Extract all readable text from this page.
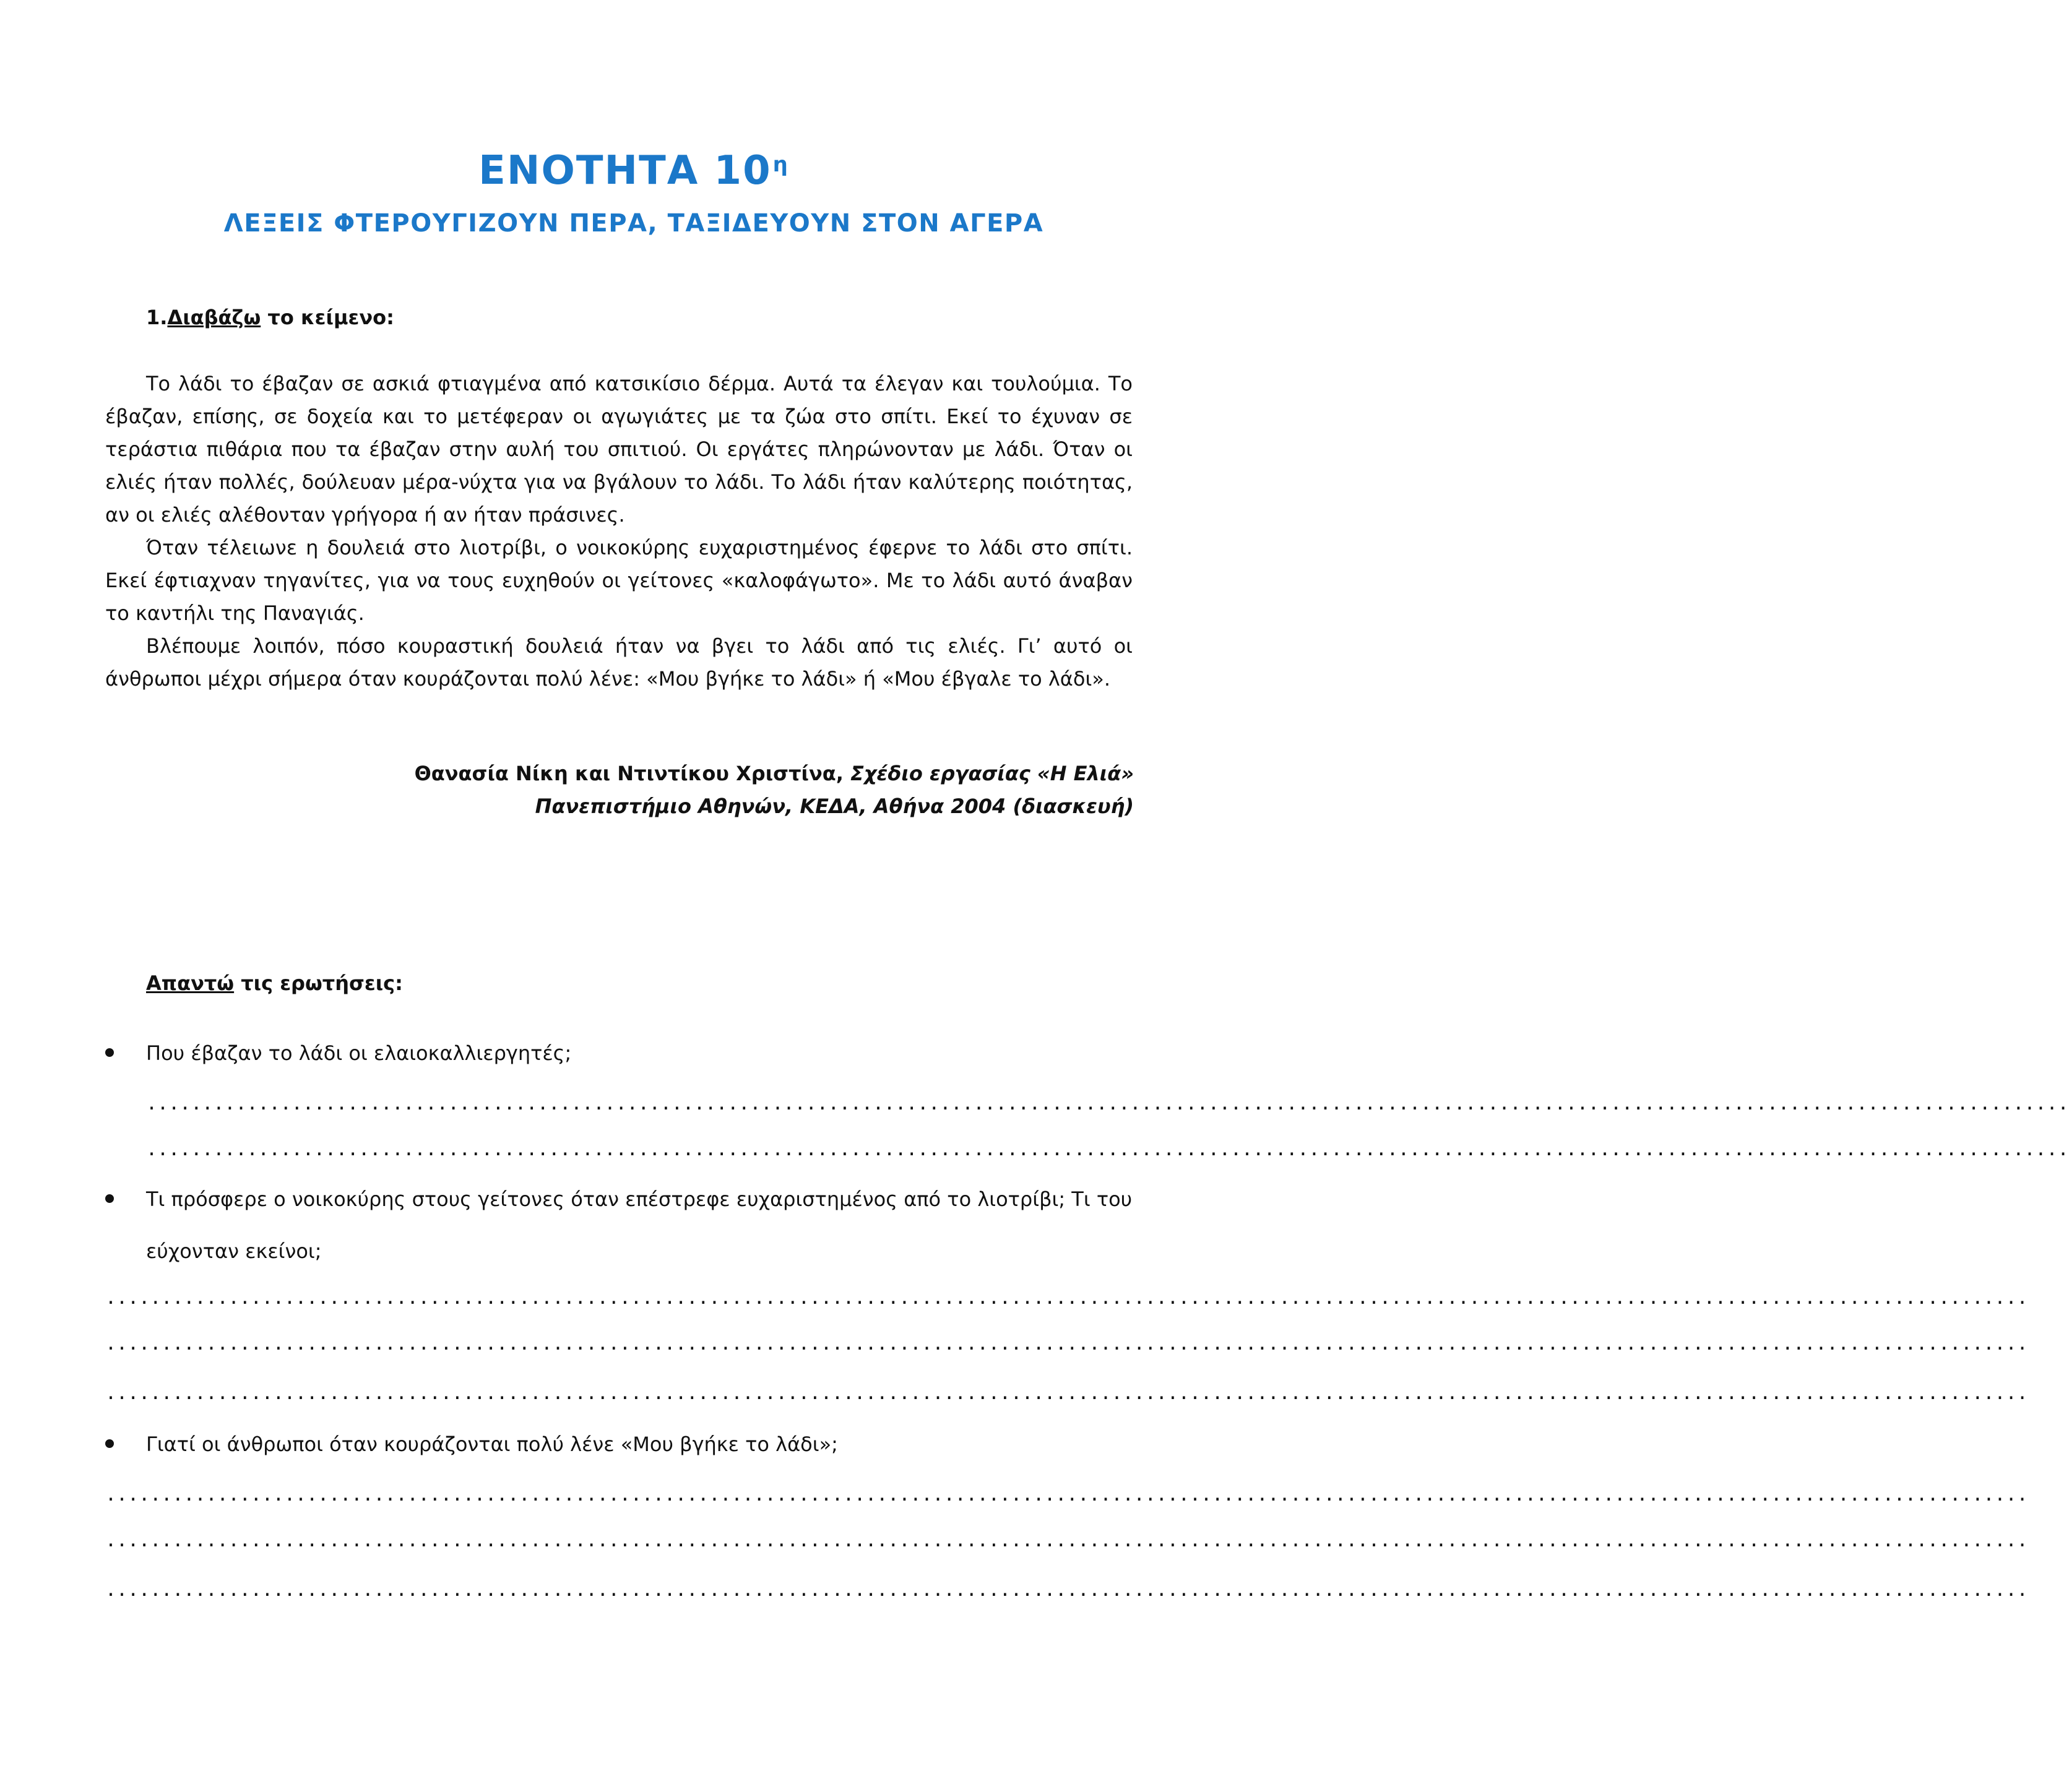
ΕΝΟΤΗΤΑ $10^\eta$
ΛΕΞΕΙΣ ΦΤΕΡΟΥΓΙΖΟΥΝ ΠΕΡΑ, ΤΑΞΙΔΕΥΟΥΝ ΣΤΟΝ ΑΓΕΡΑ
1.Διαβάζω το κείμενο:

Το λάδι το έβαζαν σε ασκιά φτιαγμένα από κατσικίσιο δέρμα. Αυτά τα έλεγαν και τουλούμια. Το έβαζαν, επίσης, σε δοχεία και το μετέφεραν οι αγωγιάτες με τα ζώα στο σπίτι. Εκεί το έχυναν σε τεράστια πιθάρια που τα έβαζαν στην αυλή του σπιτιού. Οι εργάτες πληρώνονταν με λάδι. Όταν οι ελιές ήταν πολλές, δούλευαν μέρα-νύχτα για να βγάλουν το λάδι. Το λάδι ήταν καλύτερης ποιότητας, αν οι ελιές αλέθονταν γρήγορα ή αν ήταν πράσινες.

Όταν τέλειωνε η δουλειά στο λιοτρίβι, ο νοικοκύρης ευχαριστημένος έφερνε το λάδι στο σπίτι. Εκεί έφτιαχναν τηγανίτες, για να τους ευχηθούν οι γείτονες «καλοφάγωτο». Με το λάδι αυτό άναβαν το καντήλι της Παναγιάς.

Βλέπουμε λοιπόν, πόσο κουραστική δουλειά ήταν να βγει το λάδι από τις ελιές. Γι’ αυτό οι άνθρωποι μέχρι σήμερα όταν κουράζονται πολύ λένε: «Μου βγήκε το λάδι» ή «Μου έβγαλε το λάδι».

Θανασία Νίκη και Ντιντίκου Χριστίνα, Σχέδιο εργασίας «Η Ελιά»
Πανεπιστήμιο Αθηνών, ΚΕΔΑ, Αθήνα 2004 (διασκευή)
Απαντώ τις ερωτήσεις:
Που έβαζαν το λάδι οι ελαιοκαλλιεργητές;
............................................................................................................................................................................
............................................................................................................................................................................
Τι πρόσφερε ο νοικοκύρης στους γείτονες όταν επέστρεφε ευχαριστημένος από το λιοτρίβι; Τι του εύχονταν εκείνοι;
............................................................................................................................................................................
............................................................................................................................................................................
............................................................................................................................................................................
Γιατί οι άνθρωποι όταν κουράζονται πολύ λένε «Μου βγήκε το λάδι»;
............................................................................................................................................................................
............................................................................................................................................................................
............................................................................................................................................................................
